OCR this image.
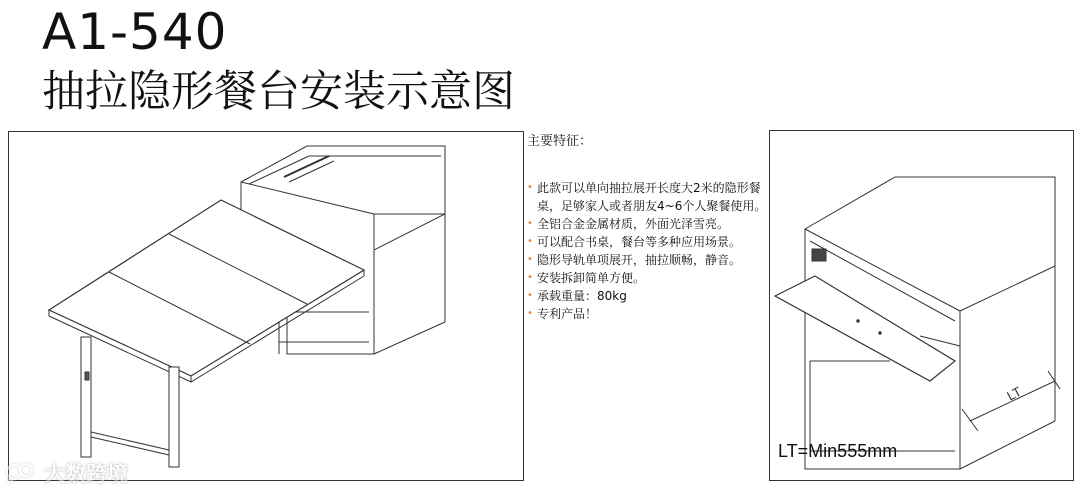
A1-540
抽拉隐形餐台安装示意图
主要特征：
• 此款可以单向抽拉展开长度大2米的隐形餐桌，足够家人或者朋友4~6个人聚餐使用。
• 全铝合金金属材质，外面光泽雪亮。
• 可以配合书桌，餐台等多种应用场景。
• 隐形导轨单项展开，抽拉顺畅，静音。
• 安装拆卸简单方便。
• 承载重量：80kg
• 专利产品！
LT
LT=Min555mm
大数跨境
